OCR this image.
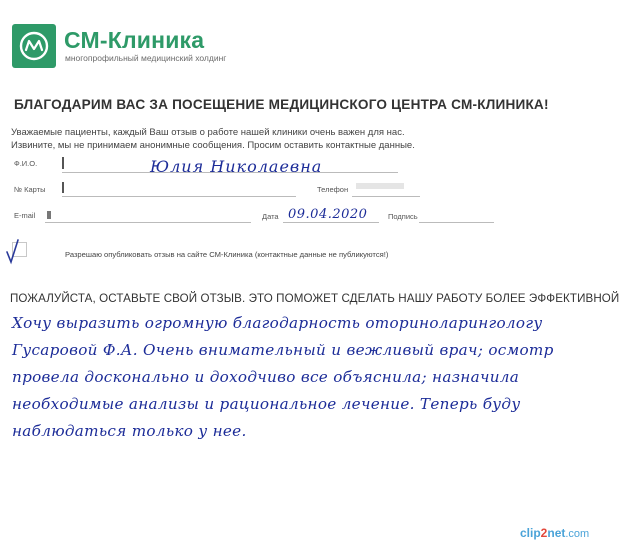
СМ-Клиника
многопрофильный медицинский холдинг
БЛАГОДАРИМ ВАС ЗА ПОСЕЩЕНИЕ МЕДИЦИНСКОГО ЦЕНТРА СМ-КЛИНИКА!
Уважаемые пациенты, каждый Ваш отзыв о работе нашей клиники очень важен для нас.
Извините, мы не принимаем анонимные сообщения. Просим оставить контактные данные.
Ф.И.О.	Юлия Николаевна
№ Карты	Телефон
E-mail	Дата 09.04.2020	Подпись
Разрешаю опубликовать отзыв на сайте СМ-Клиника (контактные данные не публикуются!)
ПОЖАЛУЙСТА, ОСТАВЬТЕ СВОЙ ОТЗЫВ. ЭТО ПОМОЖЕТ СДЕЛАТЬ НАШУ РАБОТУ БОЛЕЕ ЭФФЕКТИВНОЙ
Хочу выразить огромную благодарность оториноларингологу
Гусаровой Ф.А. Очень внимательный и вежливый врач; осмотр
провела досконально и доходчиво все объяснила; назначила
необходимые анализы и рациональное лечение. Теперь буду
наблюдаться только у нее.
clip2net.com
